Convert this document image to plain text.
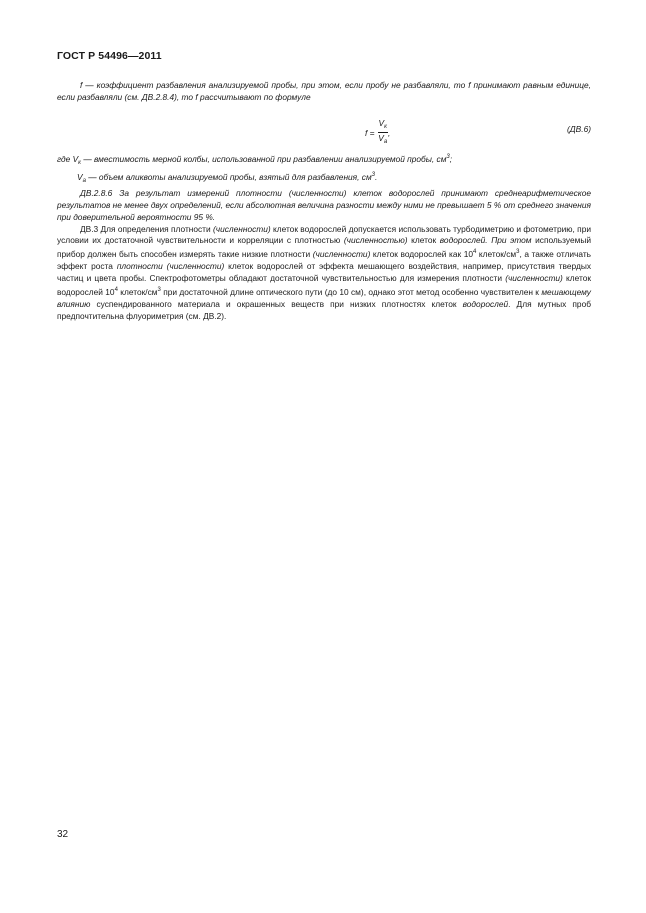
ГОСТ Р 54496—2011

f — коэффициент разбавления анализируемой пробы, при этом, если пробу не разбавляли, то f принимают равным единице, если разбавляли (см. ДВ.2.8.4), то f рассчитывают по формуле

$f = \frac{V_к}{V_а}$ ,	(ДВ.6)

где $V_к$ — вместимость мерной колбы, использованной при разбавлении анализируемой пробы, $см^3$;

$V_а$ — объем аликвоты анализируемой пробы, взятый для разбавления, $см^3$.

ДВ.2.8.6 За результат измерений плотности (численности) клеток водорослей принимают среднеарифметическое результатов не менее двух определений, если абсолютная величина разности между ними не превышает 5 % от среднего значения при доверительной вероятности 95 %.

ДВ.3 Для определения плотности (численности) клеток водорослей допускается использовать турбодиметрию и фотометрию, при условии их достаточной чувствительности и корреляции с плотностью (численностью) клеток водорослей. При этом используемый прибор должен быть способен измерять такие низкие плотности (численности) клеток водорослей как $10^4$ клеток/$см^3$, а также отличать эффект роста плотности (численности) клеток водорослей от эффекта мешающего воздействия, например, присутствия твердых частиц и цвета пробы. Спектрофотометры обладают достаточной чувствительностью для измерения плотности (численности) клеток водорослей $10^4$ клеток/$см^3$ при достаточной длине оптического пути (до 10 см), однако этот метод особенно чувствителен к мешающему влиянию суспендированного материала и окрашенных веществ при низких плотностях клеток водорослей. Для мутных проб предпочтительна флуориметрия (см. ДВ.2).

32
